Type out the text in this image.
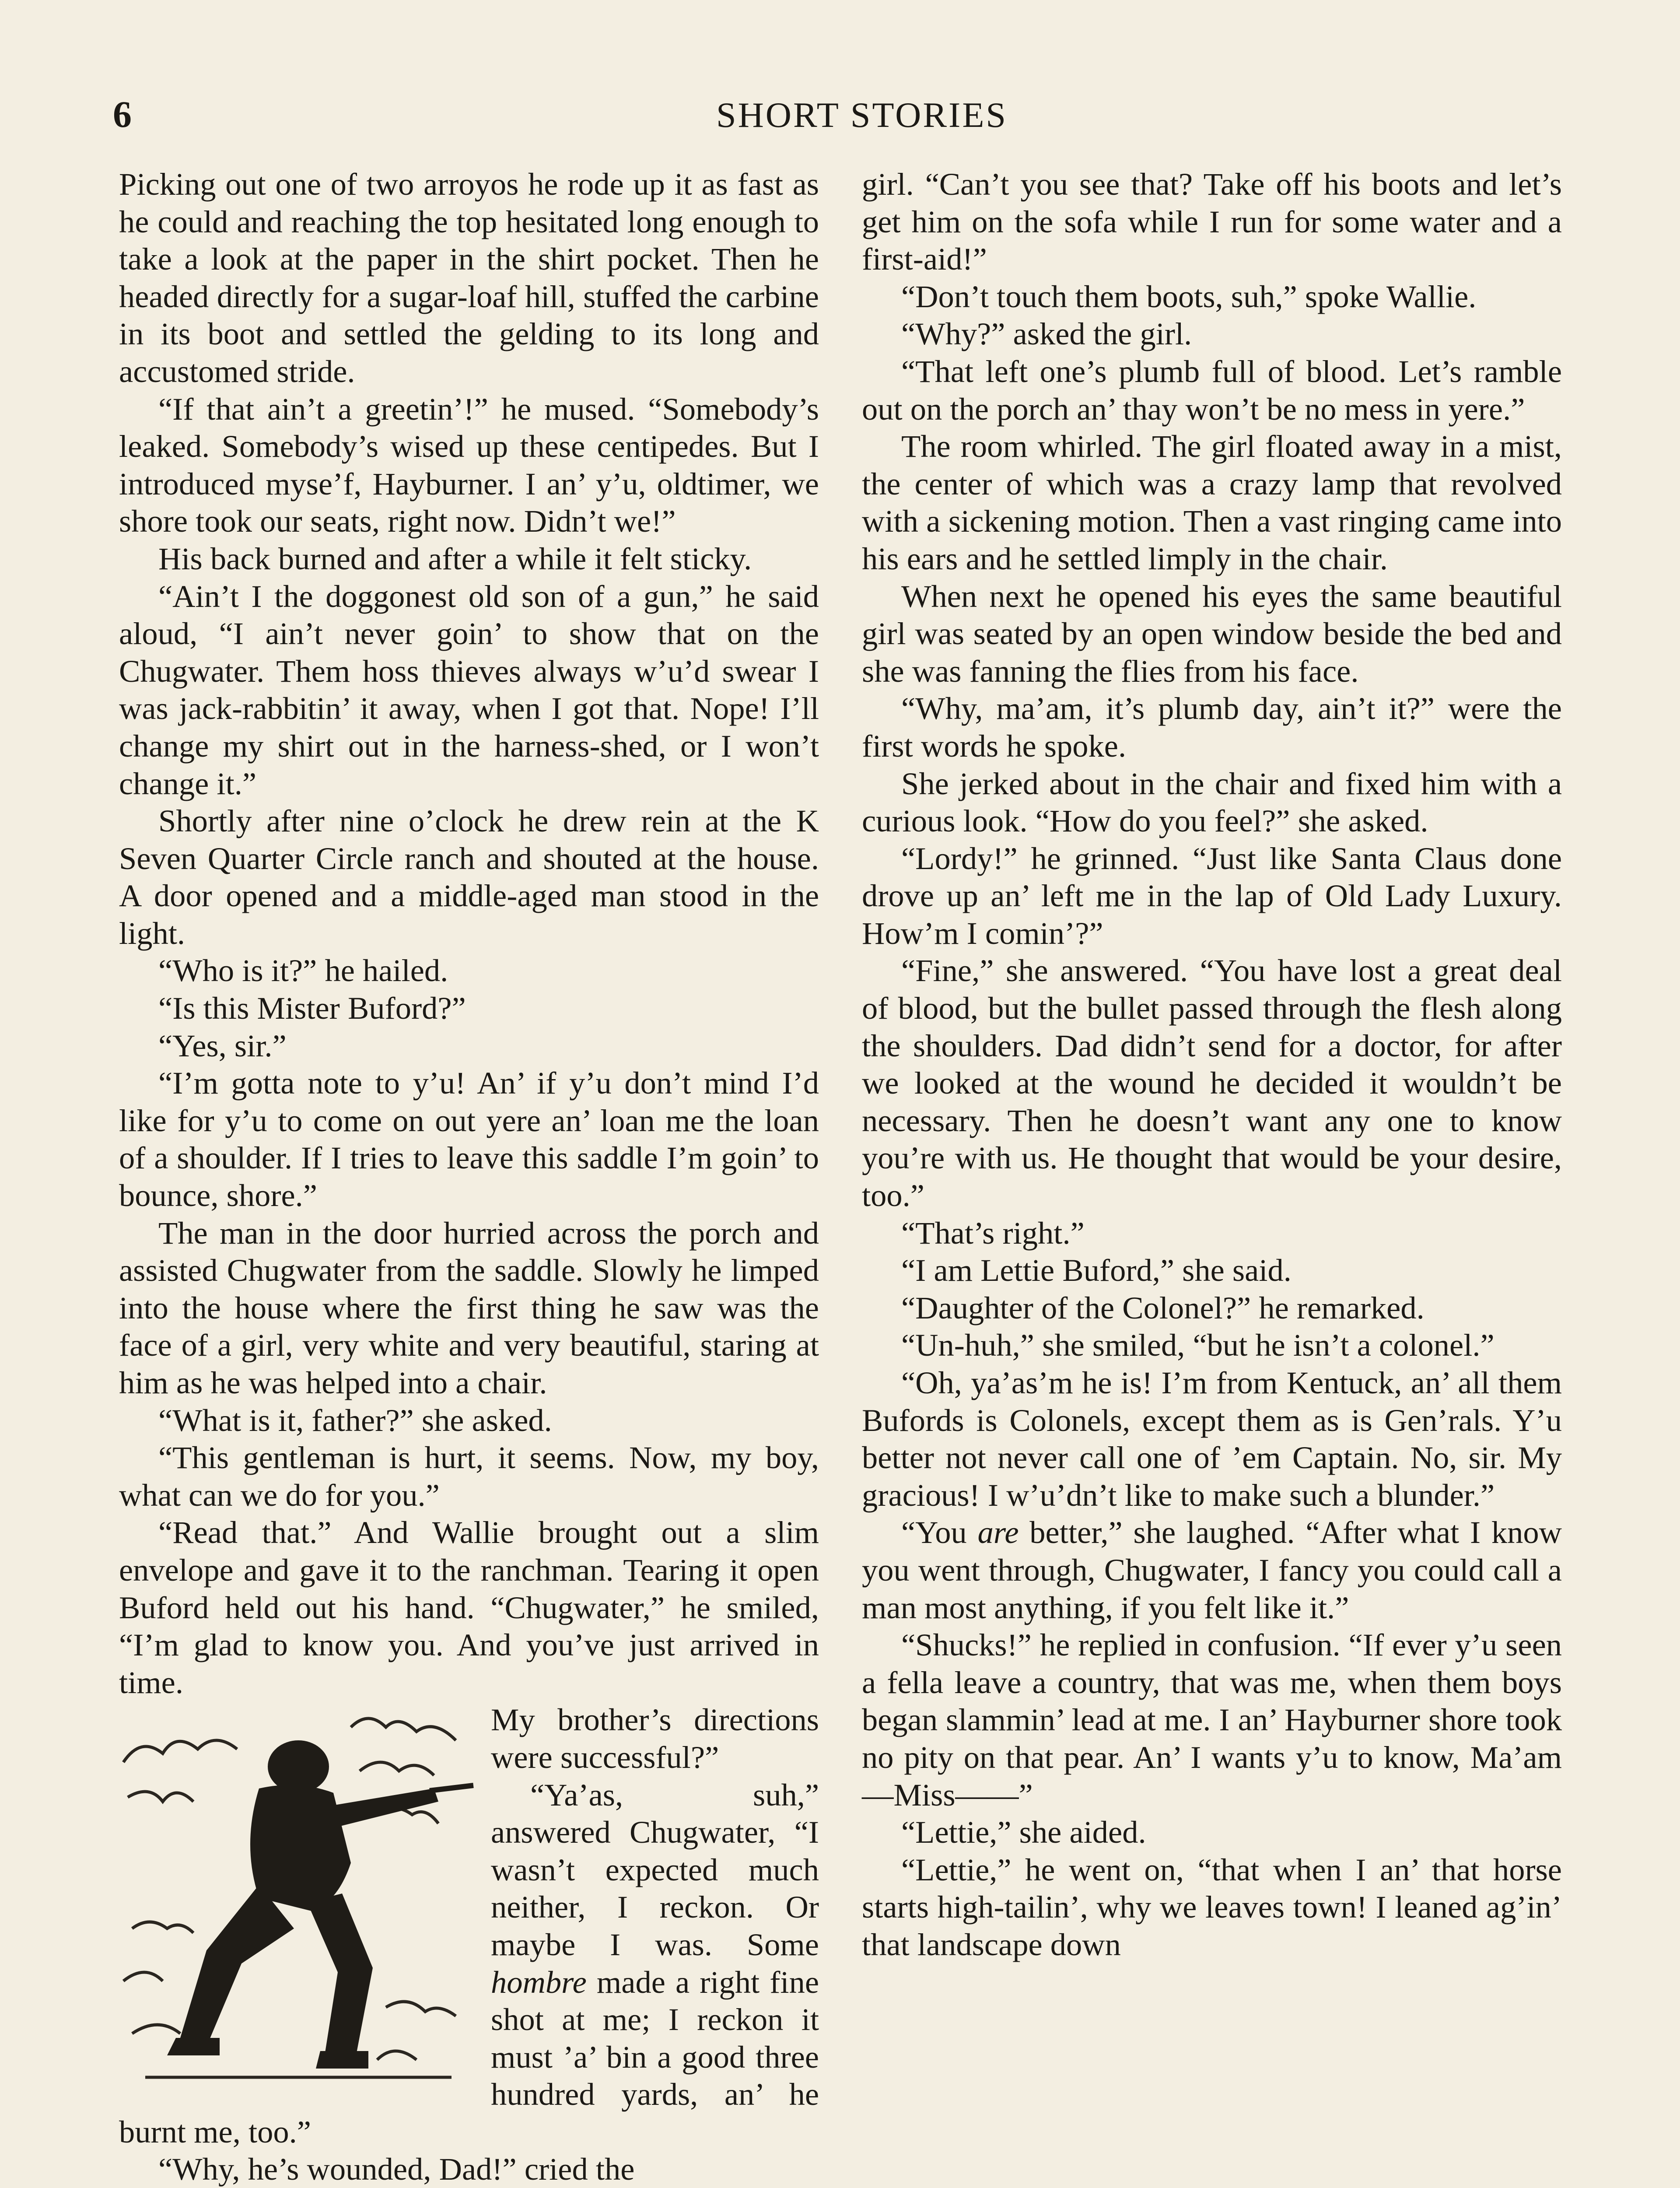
6	SHORT STORIES

Picking out one of two arroyos he rode up it as fast as he could and reaching the top hesitated long enough to take a look at the paper in the shirt pocket. Then he headed directly for a sugar-loaf hill, stuffed the carbine in its boot and settled the gelding to its long and accustomed stride.

“If that ain’t a greetin’!” he mused. “Somebody’s leaked. Somebody’s wised up these centipedes. But I introduced myse’f, Hayburner. I an’ y’u, oldtimer, we shore took our seats, right now. Didn’t we!”

His back burned and after a while it felt sticky.

“Ain’t I the doggonest old son of a gun,” he said aloud, “I ain’t never goin’ to show that on the Chugwater. Them hoss thieves always w’u’d swear I was jack-rabbitin’ it away, when I got that. Nope! I’ll change my shirt out in the harness-shed, or I won’t change it.”

Shortly after nine o’clock he drew rein at the K Seven Quarter Circle ranch and shouted at the house. A door opened and a middle-aged man stood in the light.

“Who is it?” he hailed.

“Is this Mister Buford?”

“Yes, sir.”

“I’m gotta note to y’u! An’ if y’u don’t mind I’d like for y’u to come on out yere an’ loan me the loan of a shoulder. If I tries to leave this saddle I’m goin’ to bounce, shore.”

The man in the door hurried across the porch and assisted Chugwater from the saddle. Slowly he limped into the house where the first thing he saw was the face of a girl, very white and very beautiful, staring at him as he was helped into a chair.

“What is it, father?” she asked.

“This gentleman is hurt, it seems. Now, my boy, what can we do for you.”

“Read that.” And Wallie brought out a slim envelope and gave it to the ranchman. Tearing it open Buford held out his hand. “Chugwater,” he smiled, “I’m glad to know you. And you’ve just arrived in time.

My brother’s directions were successful?”

“Ya’as, suh,” answered Chugwater, “I wasn’t expected much neither, I reckon. Or maybe I was. Some hombre made a right fine shot at me; I reckon it must ’a’ bin a good three hundred yards, an’ he burnt me, too.”

“Why, he’s wounded, Dad!” cried the

girl. “Can’t you see that? Take off his boots and let’s get him on the sofa while I run for some water and a first-aid!”

“Don’t touch them boots, suh,” spoke Wallie.

“Why?” asked the girl.

“That left one’s plumb full of blood. Let’s ramble out on the porch an’ thay won’t be no mess in yere.”

The room whirled. The girl floated away in a mist, the center of which was a crazy lamp that revolved with a sickening motion. Then a vast ringing came into his ears and he settled limply in the chair.

When next he opened his eyes the same beautiful girl was seated by an open window beside the bed and she was fanning the flies from his face.

“Why, ma’am, it’s plumb day, ain’t it?” were the first words he spoke.

She jerked about in the chair and fixed him with a curious look. “How do you feel?” she asked.

“Lordy!” he grinned. “Just like Santa Claus done drove up an’ left me in the lap of Old Lady Luxury. How’m I comin’?”

“Fine,” she answered. “You have lost a great deal of blood, but the bullet passed through the flesh along the shoulders. Dad didn’t send for a doctor, for after we looked at the wound he decided it wouldn’t be necessary. Then he doesn’t want any one to know you’re with us. He thought that would be your desire, too.”

“That’s right.”

“I am Lettie Buford,” she said.

“Daughter of the Colonel?” he remarked.

“Un-huh,” she smiled, “but he isn’t a colonel.”

“Oh, ya’as’m he is! I’m from Kentuck, an’ all them Bufords is Colonels, except them as is Gen’rals. Y’u better not never call one of ’em Captain. No, sir. My gracious! I w’u’dn’t like to make such a blunder.”

“You are better,” she laughed. “After what I know you went through, Chugwater, I fancy you could call a man most anything, if you felt like it.”

“Shucks!” he replied in confusion. “If ever y’u seen a fella leave a country, that was me, when them boys began slammin’ lead at me. I an’ Hayburner shore took no pity on that pear. An’ I wants y’u to know, Ma’am—Miss——”

“Lettie,” she aided.

“Lettie,” he went on, “that when I an’ that horse starts high-tailin’, why we leaves town! I leaned ag’in’ that landscape down
